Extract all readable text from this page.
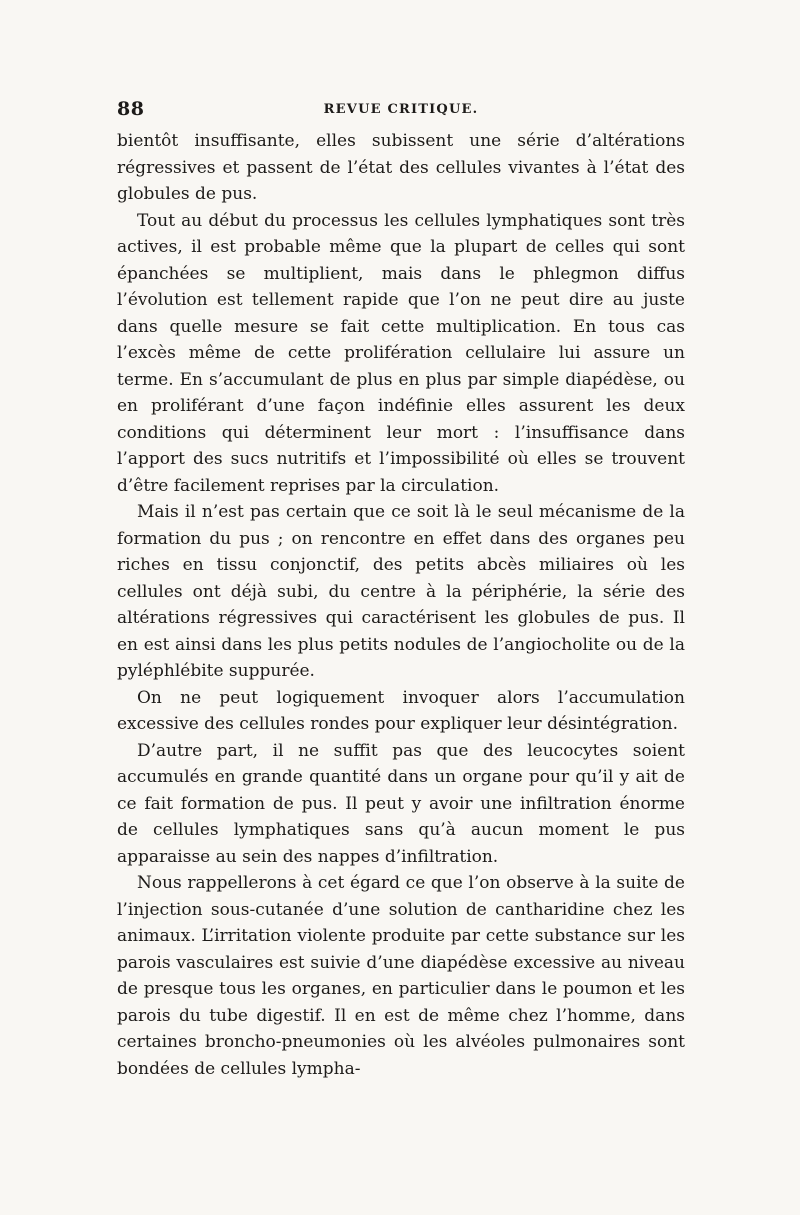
88	REVUE CRITIQUE.

bientôt insuffisante, elles subissent une série d’altérations régressives et passent de l’état des cellules vivantes à l’état des globules de pus.

Tout au début du processus les cellules lymphatiques sont très actives, il est probable même que la plupart de celles qui sont épanchées se multiplient, mais dans le phlegmon diffus l’évolution est tellement rapide que l’on ne peut dire au juste dans quelle mesure se fait cette multiplication. En tous cas l’excès même de cette prolifération cellulaire lui assure un terme. En s’accumulant de plus en plus par simple diapédèse, ou en proliférant d’une façon indéfinie elles assurent les deux conditions qui déterminent leur mort : l’insuffisance dans l’apport des sucs nutritifs et l’impossibilité où elles se trouvent d’être facilement reprises par la circulation.

Mais il n’est pas certain que ce soit là le seul mécanisme de la formation du pus ; on rencontre en effet dans des organes peu riches en tissu conjonctif, des petits abcès miliaires où les cellules ont déjà subi, du centre à la périphérie, la série des altérations régressives qui caractérisent les globules de pus. Il en est ainsi dans les plus petits nodules de l’angiocholite ou de la pyléphlébite suppurée.

On ne peut logiquement invoquer alors l’accumulation excessive des cellules rondes pour expliquer leur désintégration.

D’autre part, il ne suffit pas que des leucocytes soient accumulés en grande quantité dans un organe pour qu’il y ait de ce fait formation de pus. Il peut y avoir une infiltration énorme de cellules lymphatiques sans qu’à aucun moment le pus apparaisse au sein des nappes d’infiltration.

Nous rappellerons à cet égard ce que l’on observe à la suite de l’injection sous-cutanée d’une solution de cantharidine chez les animaux. L’irritation violente produite par cette substance sur les parois vasculaires est suivie d’une diapédèse excessive au niveau de presque tous les organes, en particulier dans le poumon et les parois du tube digestif. Il en est de même chez l’homme, dans certaines broncho-pneumonies où les alvéoles pulmonaires sont bondées de cellules lympha-
